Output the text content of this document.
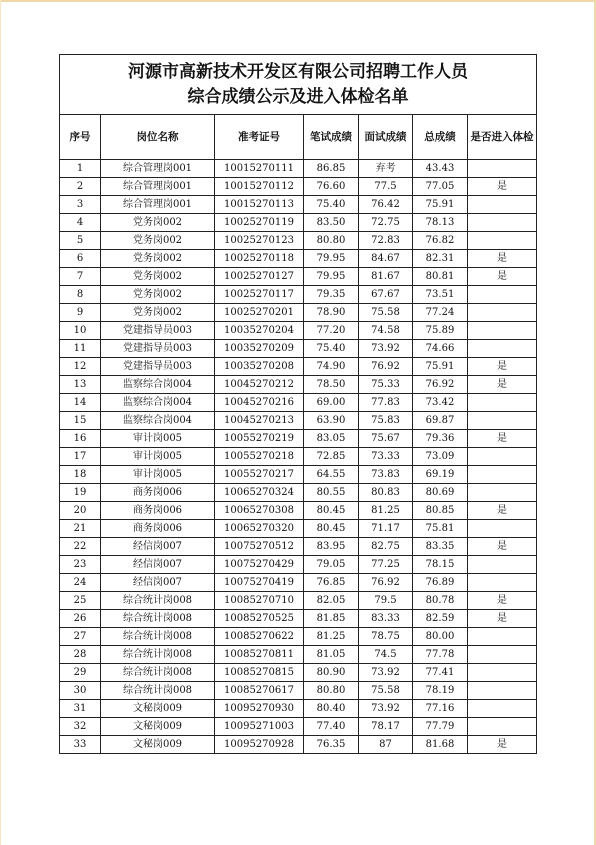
河源市高新技术开发区有限公司招聘工作人员
综合成绩公示及进入体检名单						

序号	岗位名称	准考证号	笔试成绩	面试成绩	总成绩	是否进入体检
1	综合管理岗001	10015270111	86.85	弃考	43.43	
2	综合管理岗001	10015270112	76.60	77.5	77.05	是
3	综合管理岗001	10015270113	75.40	76.42	75.91	
4	党务岗002	10025270119	83.50	72.75	78.13	
5	党务岗002	10025270123	80.80	72.83	76.82	
6	党务岗002	10025270118	79.95	84.67	82.31	是
7	党务岗002	10025270127	79.95	81.67	80.81	是
8	党务岗002	10025270117	79.35	67.67	73.51	
9	党务岗002	10025270201	78.90	75.58	77.24	
10	党建指导员003	10035270204	77.20	74.58	75.89	
11	党建指导员003	10035270209	75.40	73.92	74.66	
12	党建指导员003	10035270208	74.90	76.92	75.91	是
13	监察综合岗004	10045270212	78.50	75.33	76.92	是
14	监察综合岗004	10045270216	69.00	77.83	73.42	
15	监察综合岗004	10045270213	63.90	75.83	69.87	
16	审计岗005	10055270219	83.05	75.67	79.36	是
17	审计岗005	10055270218	72.85	73.33	73.09	
18	审计岗005	10055270217	64.55	73.83	69.19	
19	商务岗006	10065270324	80.55	80.83	80.69	
20	商务岗006	10065270308	80.45	81.25	80.85	是
21	商务岗006	10065270320	80.45	71.17	75.81	
22	经信岗007	10075270512	83.95	82.75	83.35	是
23	经信岗007	10075270429	79.05	77.25	78.15	
24	经信岗007	10075270419	76.85	76.92	76.89	
25	综合统计岗008	10085270710	82.05	79.5	80.78	是
26	综合统计岗008	10085270525	81.85	83.33	82.59	是
27	综合统计岗008	10085270622	81.25	78.75	80.00	
28	综合统计岗008	10085270811	81.05	74.5	77.78	
29	综合统计岗008	10085270815	80.90	73.92	77.41	
30	综合统计岗008	10085270617	80.80	75.58	78.19	
31	文秘岗009	10095270930	80.40	73.92	77.16	
32	文秘岗009	10095271003	77.40	78.17	77.79	
33	文秘岗009	10095270928	76.35	87	81.68	是
